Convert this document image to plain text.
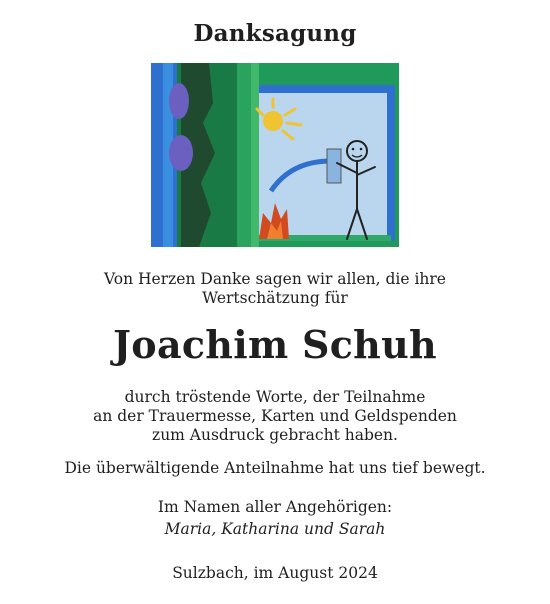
Danksagung

Von Herzen Danke sagen wir allen, die ihre
Wertschätzung für

Joachim Schuh

durch tröstende Worte, der Teilnahme
an der Trauermesse, Karten und Geldspenden
zum Ausdruck gebracht haben.

Die überwältigende Anteilnahme hat uns tief bewegt.

Im Namen aller Angehörigen:

Maria, Katharina und Sarah

Sulzbach, im August 2024
